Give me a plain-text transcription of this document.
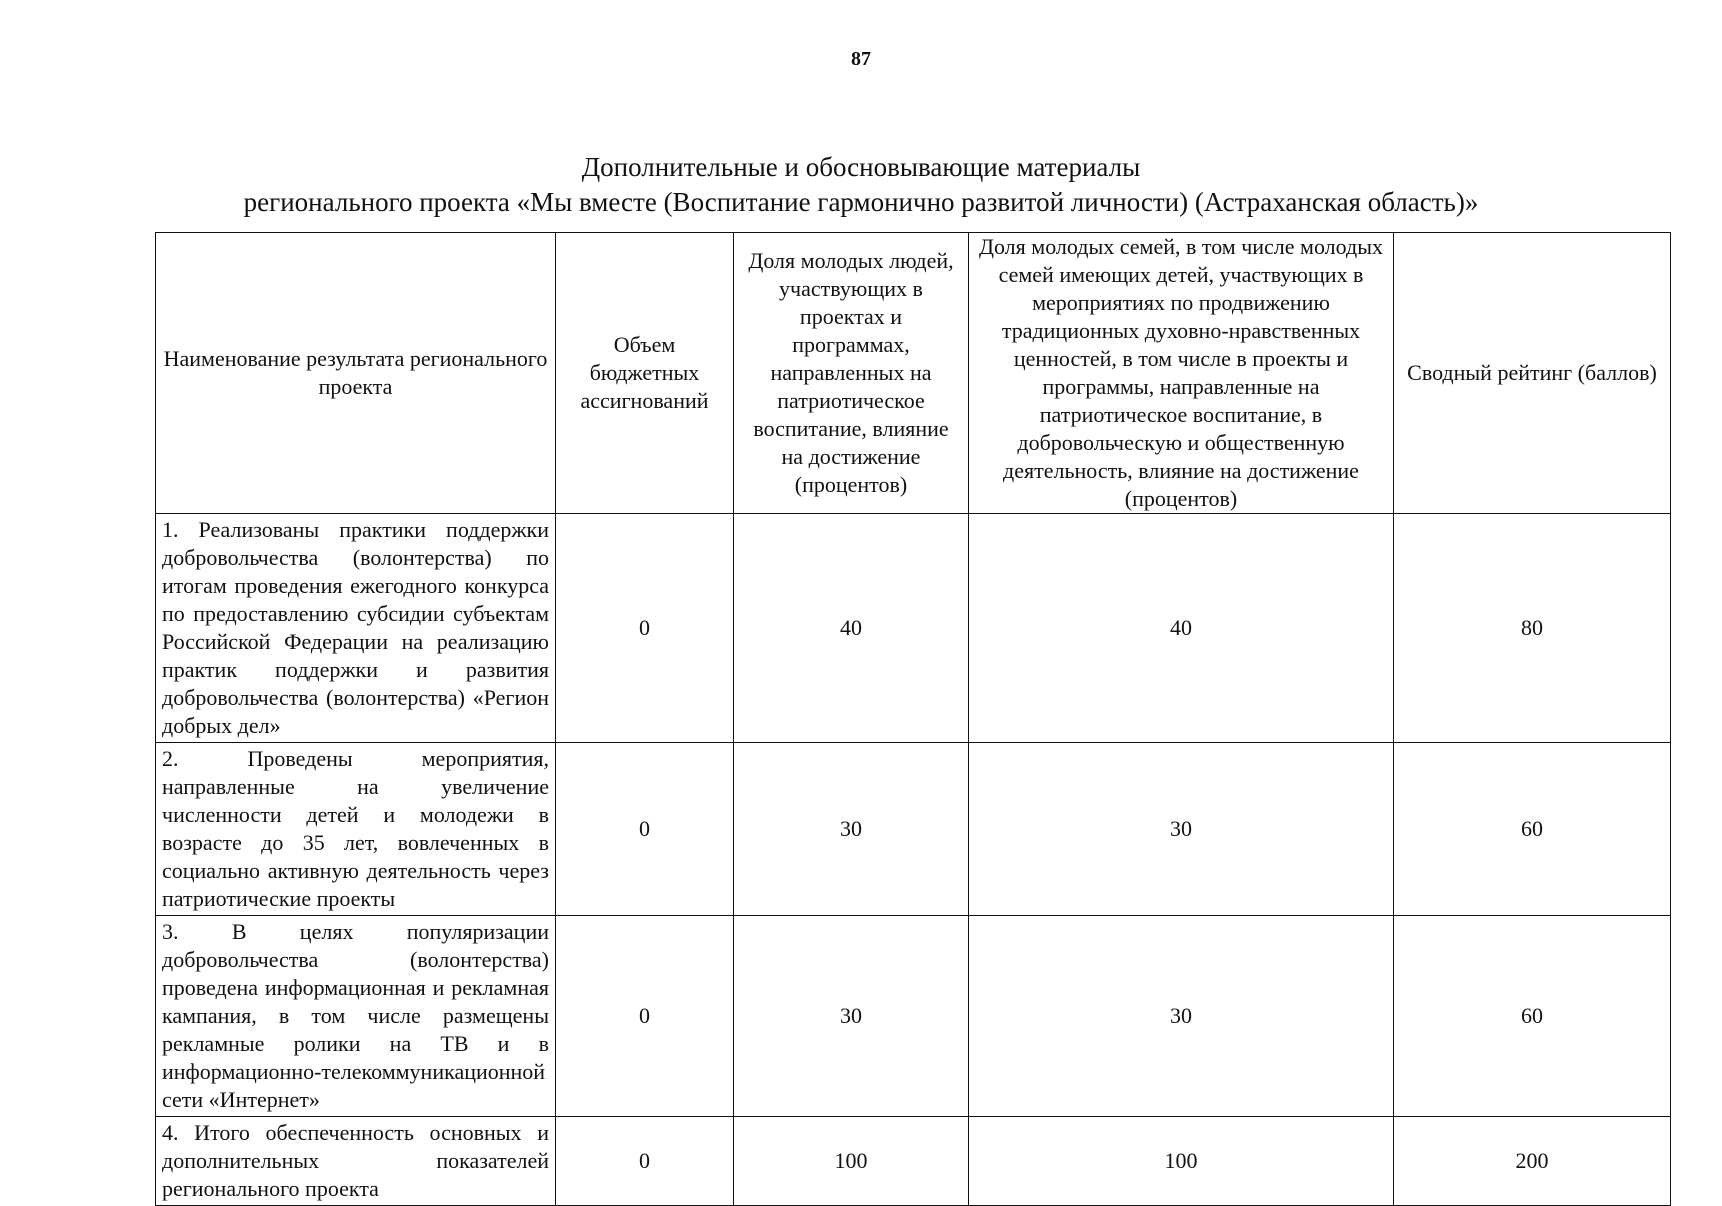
87
Дополнительные и обосновывающие материалы
регионального проекта «Мы вместе (Воспитание гармонично развитой личности) (Астраханская область)»
Наименование результата регионального проекта	Объем бюджетных ассигнований	Доля молодых людей, участвующих в проектах и программах, направленных на патриотическое воспитание, влияние на достижение (процентов)	Доля молодых семей, в том числе молодых семей имеющих детей, участвующих в мероприятиях по продвижению традиционных духовно-нравственных ценностей, в том числе в проекты и программы, направленные на патриотическое воспитание, в добровольческую и общественную деятельность, влияние на достижение (процентов)	Сводный рейтинг (баллов)
1. Реализованы практики поддержки добровольчества (волонтерства) по итогам проведения ежегодного конкурса по предоставлению субсидии субъектам Российской Федерации на реализацию практик поддержки и развития добровольчества (волонтерства) «Регион добрых дел»	0	40	40	80
2. Проведены мероприятия, направленные на увеличение численности детей и молодежи в возрасте до 35 лет, вовлеченных в социально активную деятельность через патриотические проекты	0	30	30	60
3. В целях популяризации добровольчества (волонтерства) проведена информационная и рекламная кампания, в том числе размещены рекламные ролики на ТВ и в информационно-телекоммуникационной сети «Интернет»	0	30	30	60
4. Итого обеспеченность основных и дополнительных показателей регионального проекта	0	100	100	200
